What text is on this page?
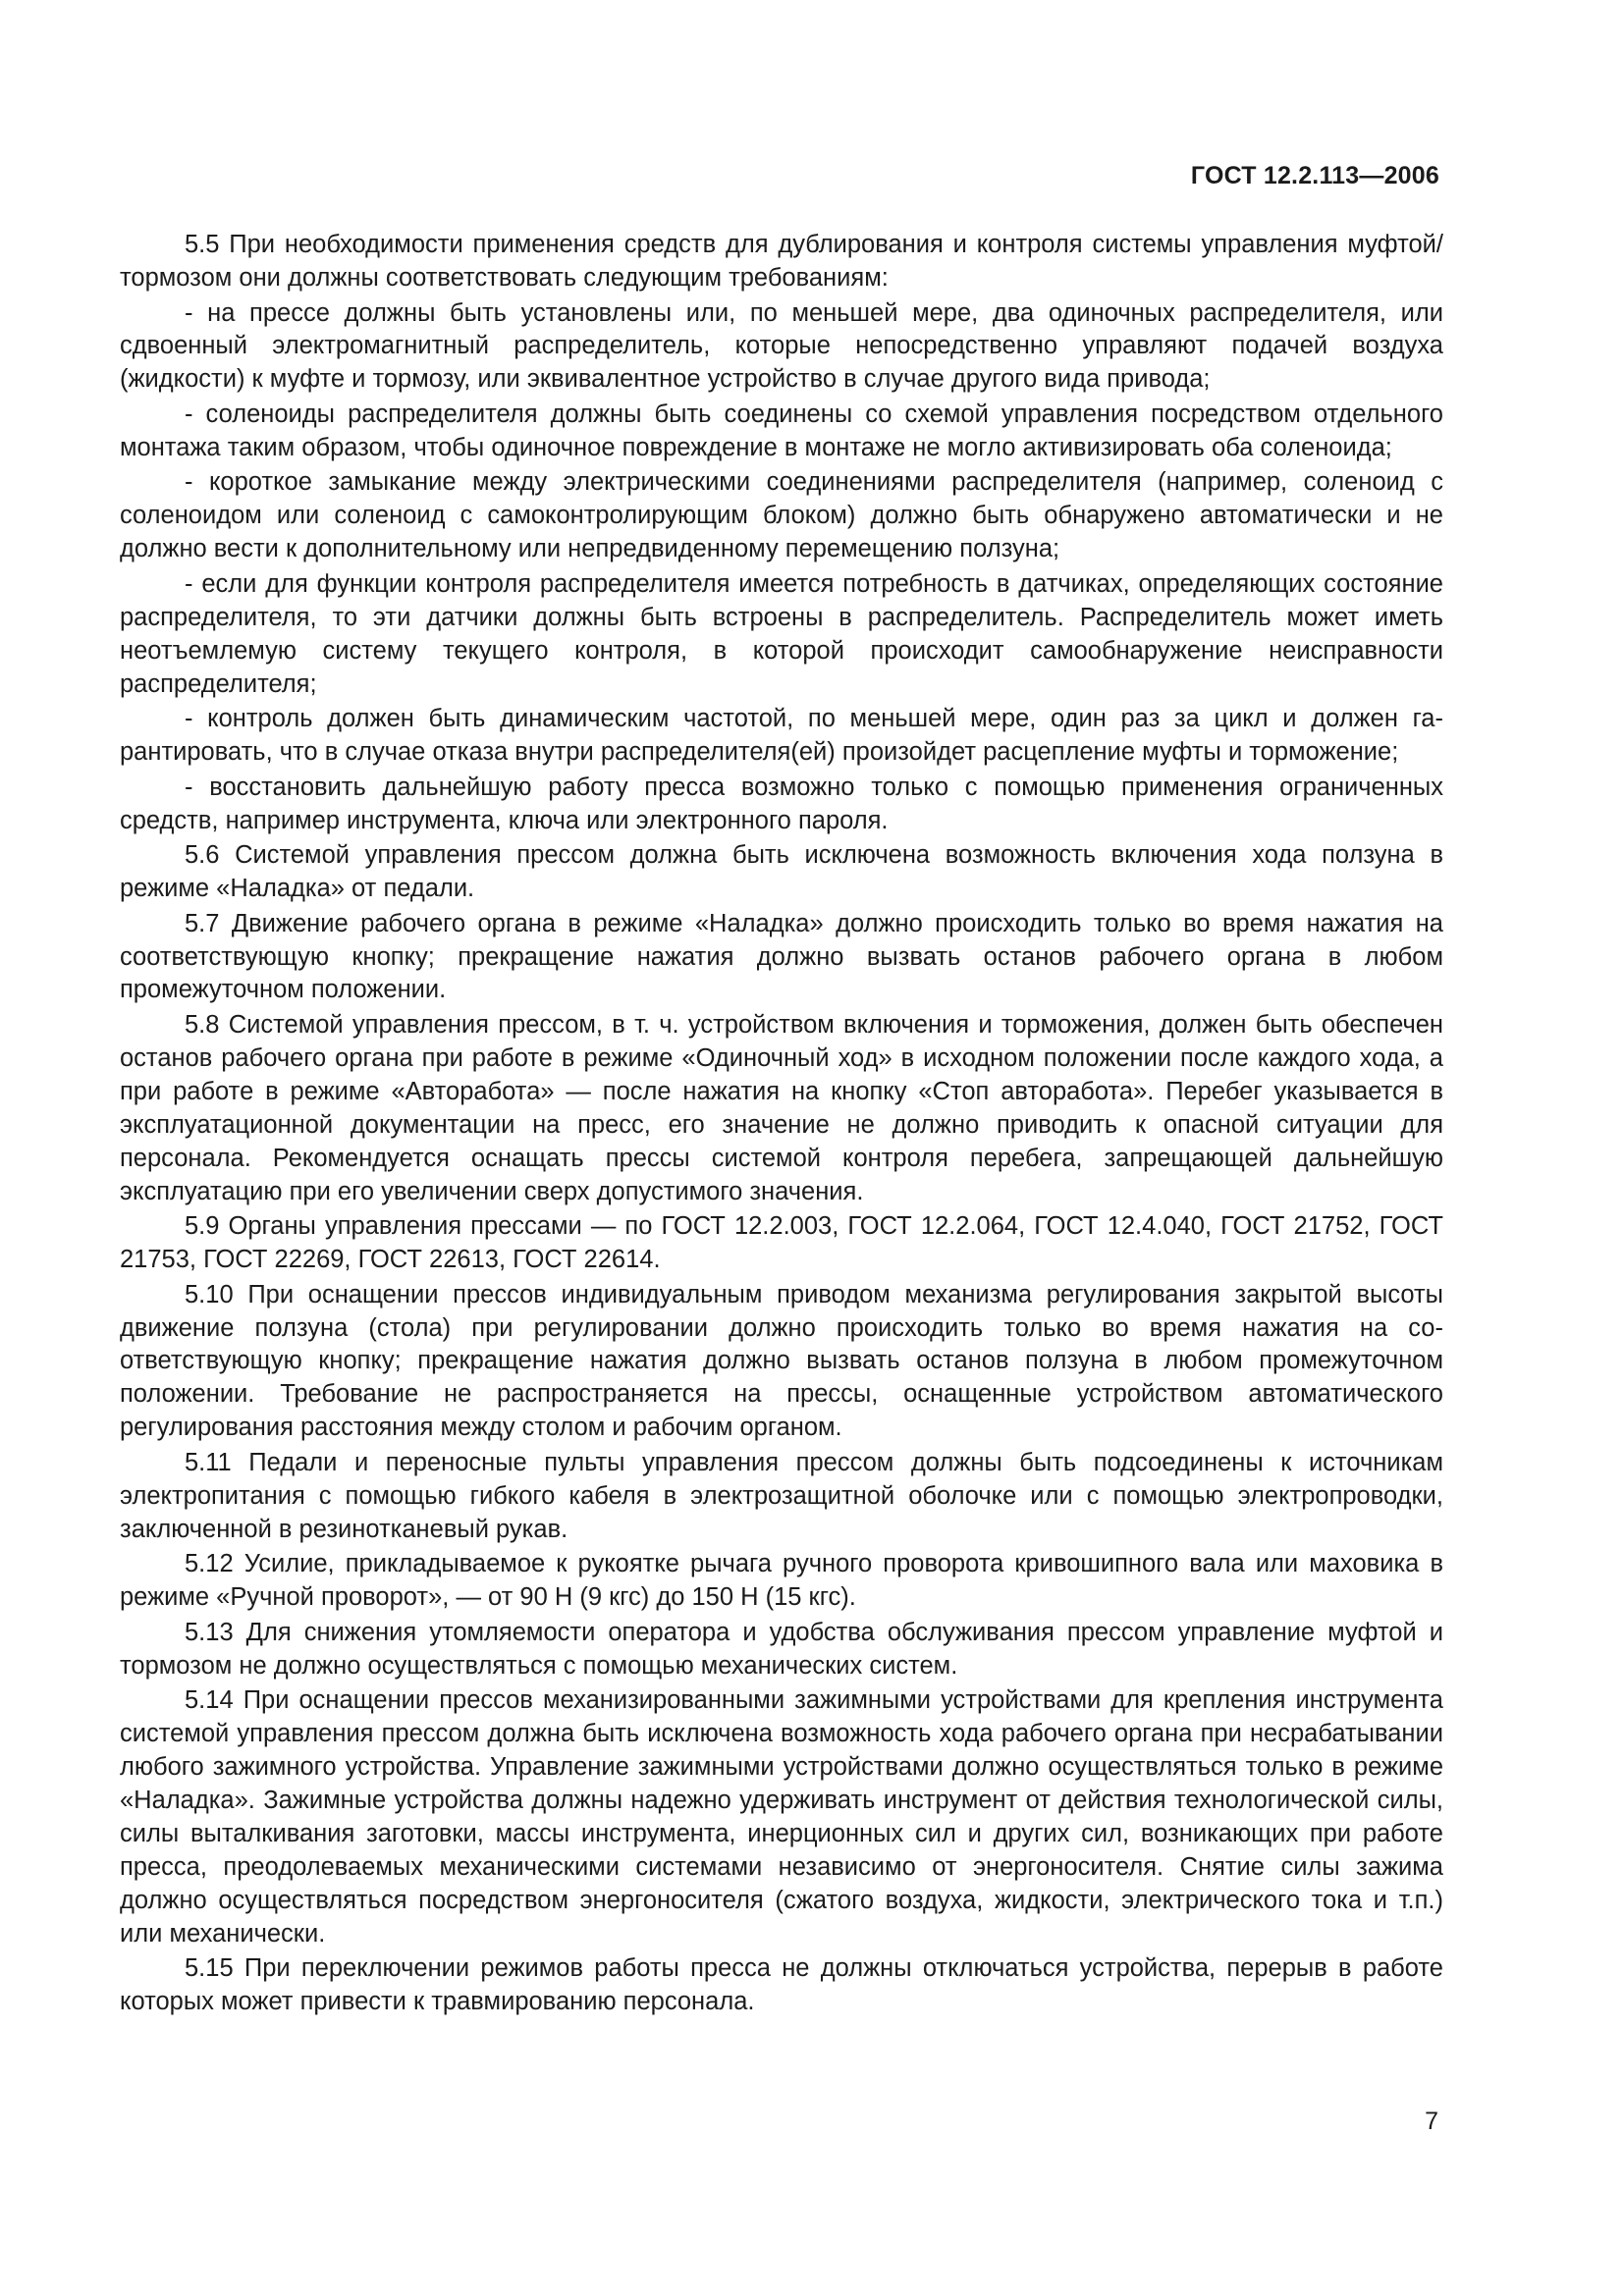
ГОСТ 12.2.113—2006

5.5 При необходимости применения средств для дублирования и контроля системы управления муфтой/тормозом они должны соответствовать следующим требованиям:

- на прессе должны быть установлены или, по меньшей мере, два одиночных распределителя, или сдвоенный электромагнитный распределитель, которые непосредственно управляют подачей воздуха (жидкости) к муфте и тормозу, или эквивалентное устройство в случае другого вида привода;

- соленоиды распределителя должны быть соединены со схемой управления посредством отдельного монтажа таким образом, чтобы одиночное повреждение в монтаже не могло активизировать оба соленоида;

- короткое замыкание между электрическими соединениями распределителя (например, соленоид с соленоидом или соленоид с самоконтролирующим блоком) должно быть обнаружено автоматически и не должно вести к дополнительному или непредвиденному перемещению ползуна;

- если для функции контроля распределителя имеется потребность в датчиках, определяющих состояние распределителя, то эти датчики должны быть встроены в распределитель. Распределитель может иметь неотъемлемую систему текущего контроля, в которой происходит самообнаружение неисправности распределителя;

- контроль должен быть динамическим частотой, по меньшей мере, один раз за цикл и должен гарантировать, что в случае отказа внутри распределителя(ей) произойдет расцепление муфты и торможение;

- восстановить дальнейшую работу пресса возможно только с помощью применения ограниченных средств, например инструмента, ключа или электронного пароля.

5.6 Системой управления прессом должна быть исключена возможность включения хода ползуна в режиме «Наладка» от педали.

5.7 Движение рабочего органа в режиме «Наладка» должно происходить только во время нажатия на соответствующую кнопку; прекращение нажатия должно вызвать останов рабочего органа в любом промежуточном положении.

5.8 Системой управления прессом, в т. ч. устройством включения и торможения, должен быть обеспечен останов рабочего органа при работе в режиме «Одиночный ход» в исходном положении после каждого хода, а при работе в режиме «Авторабота» — после нажатия на кнопку «Стоп авторабота». Перебег указывается в эксплуатационной документации на пресс, его значение не должно приводить к опасной ситуации для персонала. Рекомендуется оснащать прессы системой контроля перебега, запрещающей дальнейшую эксплуатацию при его увеличении сверх допустимого значения.

5.9 Органы управления прессами — по ГОСТ 12.2.003, ГОСТ 12.2.064, ГОСТ 12.4.040, ГОСТ 21752, ГОСТ 21753, ГОСТ 22269, ГОСТ 22613, ГОСТ 22614.

5.10 При оснащении прессов индивидуальным приводом механизма регулирования закрытой высоты движение ползуна (стола) при регулировании должно происходить только во время нажатия на соответствующую кнопку; прекращение нажатия должно вызвать останов ползуна в любом промежуточном положении. Требование не распространяется на прессы, оснащенные устройством автоматического регулирования расстояния между столом и рабочим органом.

5.11 Педали и переносные пульты управления прессом должны быть подсоединены к источникам электропитания с помощью гибкого кабеля в электрозащитной оболочке или с помощью электропроводки, заключенной в резинотканевый рукав.

5.12 Усилие, прикладываемое к рукоятке рычага ручного проворота кривошипного вала или маховика в режиме «Ручной проворот», — от 90 Н (9 кгс) до 150 Н (15 кгс).

5.13 Для снижения утомляемости оператора и удобства обслуживания прессом управление муфтой и тормозом не должно осуществляться с помощью механических систем.

5.14 При оснащении прессов механизированными зажимными устройствами для крепления инструмента системой управления прессом должна быть исключена возможность хода рабочего органа при несрабатывании любого зажимного устройства. Управление зажимными устройствами должно осуществляться только в режиме «Наладка». Зажимные устройства должны надежно удерживать инструмент от действия технологической силы, силы выталкивания заготовки, массы инструмента, инерционных сил и других сил, возникающих при работе пресса, преодолеваемых механическими системами независимо от энергоносителя. Снятие силы зажима должно осуществляться посредством энергоносителя (сжатого воздуха, жидкости, электрического тока и т.п.) или механически.

5.15 При переключении режимов работы пресса не должны отключаться устройства, перерыв в работе которых может привести к травмированию персонала.

7
